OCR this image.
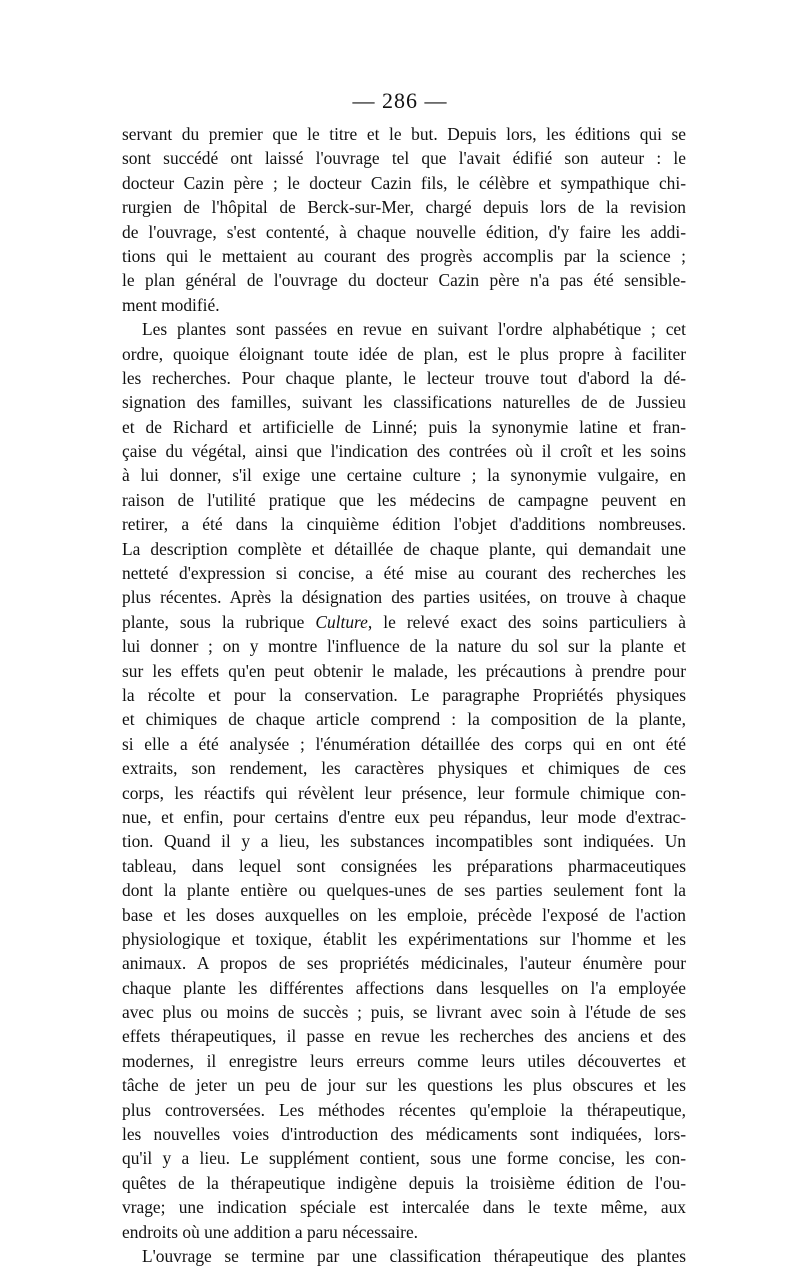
— 286 —
servant du premier que le titre et le but. Depuis lors, les éditions qui se
sont succédé ont laissé l'ouvrage tel que l'avait édifié son auteur : le
docteur Cazin père ; le docteur Cazin fils, le célèbre et sympathique chi-
rurgien de l'hôpital de Berck-sur-Mer, chargé depuis lors de la revision
de l'ouvrage, s'est contenté, à chaque nouvelle édition, d'y faire les addi-
tions qui le mettaient au courant des progrès accomplis par la science ;
le plan général de l'ouvrage du docteur Cazin père n'a pas été sensible-
ment modifié.
Les plantes sont passées en revue en suivant l'ordre alphabétique ; cet
ordre, quoique éloignant toute idée de plan, est le plus propre à faciliter
les recherches. Pour chaque plante, le lecteur trouve tout d'abord la dé-
signation des familles, suivant les classifications naturelles de de Jussieu
et de Richard et artificielle de Linné; puis la synonymie latine et fran-
çaise du végétal, ainsi que l'indication des contrées où il croît et les soins
à lui donner, s'il exige une certaine culture ; la synonymie vulgaire, en
raison de l'utilité pratique que les médecins de campagne peuvent en
retirer, a été dans la cinquième édition l'objet d'additions nombreuses.
La description complète et détaillée de chaque plante, qui demandait une
netteté d'expression si concise, a été mise au courant des recherches les
plus récentes. Après la désignation des parties usitées, on trouve à chaque
plante, sous la rubrique Culture, le relevé exact des soins particuliers à
lui donner ; on y montre l'influence de la nature du sol sur la plante et
sur les effets qu'en peut obtenir le malade, les précautions à prendre pour
la récolte et pour la conservation. Le paragraphe Propriétés physiques
et chimiques de chaque article comprend : la composition de la plante,
si elle a été analysée ; l'énumération détaillée des corps qui en ont été
extraits, son rendement, les caractères physiques et chimiques de ces
corps, les réactifs qui révèlent leur présence, leur formule chimique con-
nue, et enfin, pour certains d'entre eux peu répandus, leur mode d'extrac-
tion. Quand il y a lieu, les substances incompatibles sont indiquées. Un
tableau, dans lequel sont consignées les préparations pharmaceutiques
dont la plante entière ou quelques-unes de ses parties seulement font la
base et les doses auxquelles on les emploie, précède l'exposé de l'action
physiologique et toxique, établit les expérimentations sur l'homme et les
animaux. A propos de ses propriétés médicinales, l'auteur énumère pour
chaque plante les différentes affections dans lesquelles on l'a employée
avec plus ou moins de succès ; puis, se livrant avec soin à l'étude de ses
effets thérapeutiques, il passe en revue les recherches des anciens et des
modernes, il enregistre leurs erreurs comme leurs utiles découvertes et
tâche de jeter un peu de jour sur les questions les plus obscures et les
plus controversées. Les méthodes récentes qu'emploie la thérapeutique,
les nouvelles voies d'introduction des médicaments sont indiquées, lors-
qu'il y a lieu. Le supplément contient, sous une forme concise, les con-
quêtes de la thérapeutique indigène depuis la troisième édition de l'ou-
vrage; une indication spéciale est intercalée dans le texte même, aux
endroits où une addition a paru nécessaire.
L'ouvrage se termine par une classification thérapeutique des plantes
